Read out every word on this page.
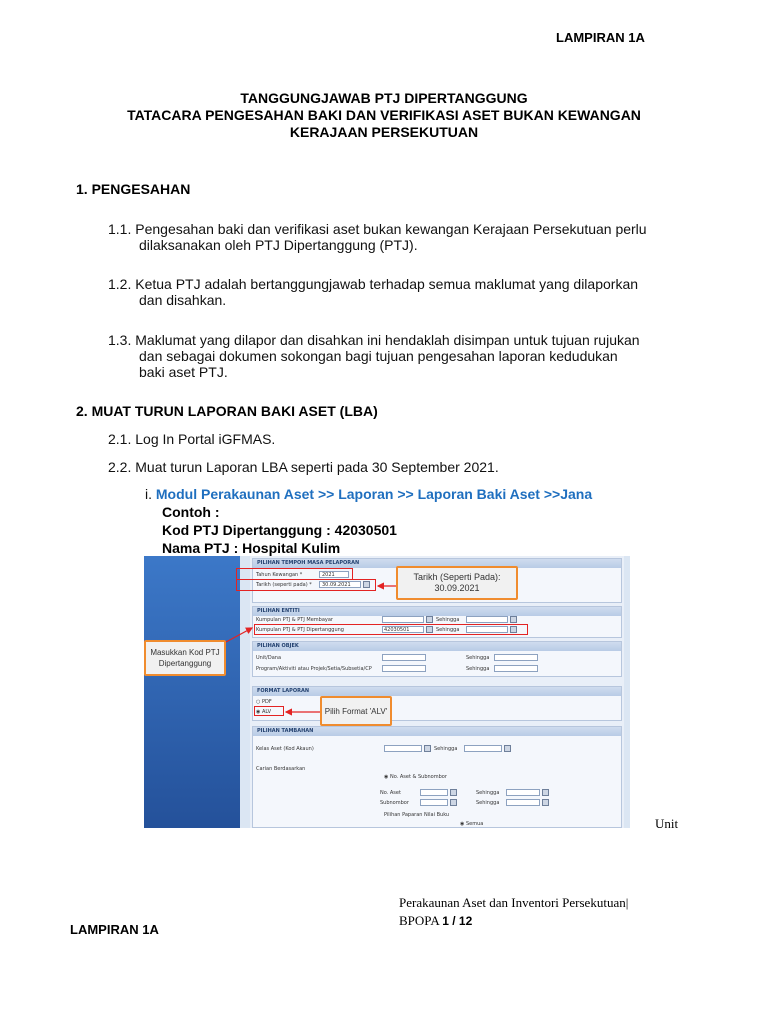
LAMPIRAN 1A
TANGGUNGJAWAB PTJ DIPERTANGGUNG
TATACARA PENGESAHAN BAKI DAN VERIFIKASI ASET BUKAN KEWANGAN
KERAJAAN PERSEKUTUAN
1. PENGESAHAN
1.1. Pengesahan baki dan verifikasi aset bukan kewangan Kerajaan Persekutuan perlu
dilaksanakan oleh PTJ Dipertanggung (PTJ).
1.2. Ketua PTJ adalah bertanggungjawab terhadap semua maklumat yang dilaporkan
dan disahkan.
1.3. Maklumat yang dilapor dan disahkan ini hendaklah disimpan untuk tujuan rujukan
dan sebagai dokumen sokongan bagi tujuan pengesahan laporan kedudukan
baki aset PTJ.
2. MUAT TURUN LAPORAN BAKI ASET (LBA)
2.1. Log In Portal iGFMAS.
2.2. Muat turun Laporan LBA seperti pada 30 September 2021.
i. Modul Perakaunan Aset >> Laporan >> Laporan Baki Aset >>Jana
Contoh :
Kod PTJ Dipertanggung : 42030501
Nama PTJ : Hospital Kulim
PILIHAN TEMPOH MASA PELAPORAN
Tahun Kewangan *	2021
Tarikh (seperti pada) * 30.09.2021
PILIHAN ENTITI
Kumpulan PTJ & PTJ Membayar	Sehingga
Kumpulan PTJ & PTJ Dipertanggung	42030501	Sehingga
PILIHAN OBJEK
Unit/Dana	Sehingga
Program/Aktiviti atau Projek/Setia/Subsetia/CP	Sehingga
FORMAT LAPORAN
○ PDF
◉ ALV
PILIHAN TAMBAHAN
Kelas Aset (Kod Akaun)	Sehingga
Carian Berdasarkan
◉ No. Aset & Subnombor
No. Aset	Sehingga
Subnombor	Sehingga
Pilihan Paparan Nilai Buku
◉ Semua
Tarikh (Seperti Pada):
30.09.2021
Masukkan Kod PTJ Dipertanggung
Pilih Format 'ALV'
Unit
Perakaunan Aset dan Inventori Persekutuan|
BPOPA 1 / 12
LAMPIRAN 1A
